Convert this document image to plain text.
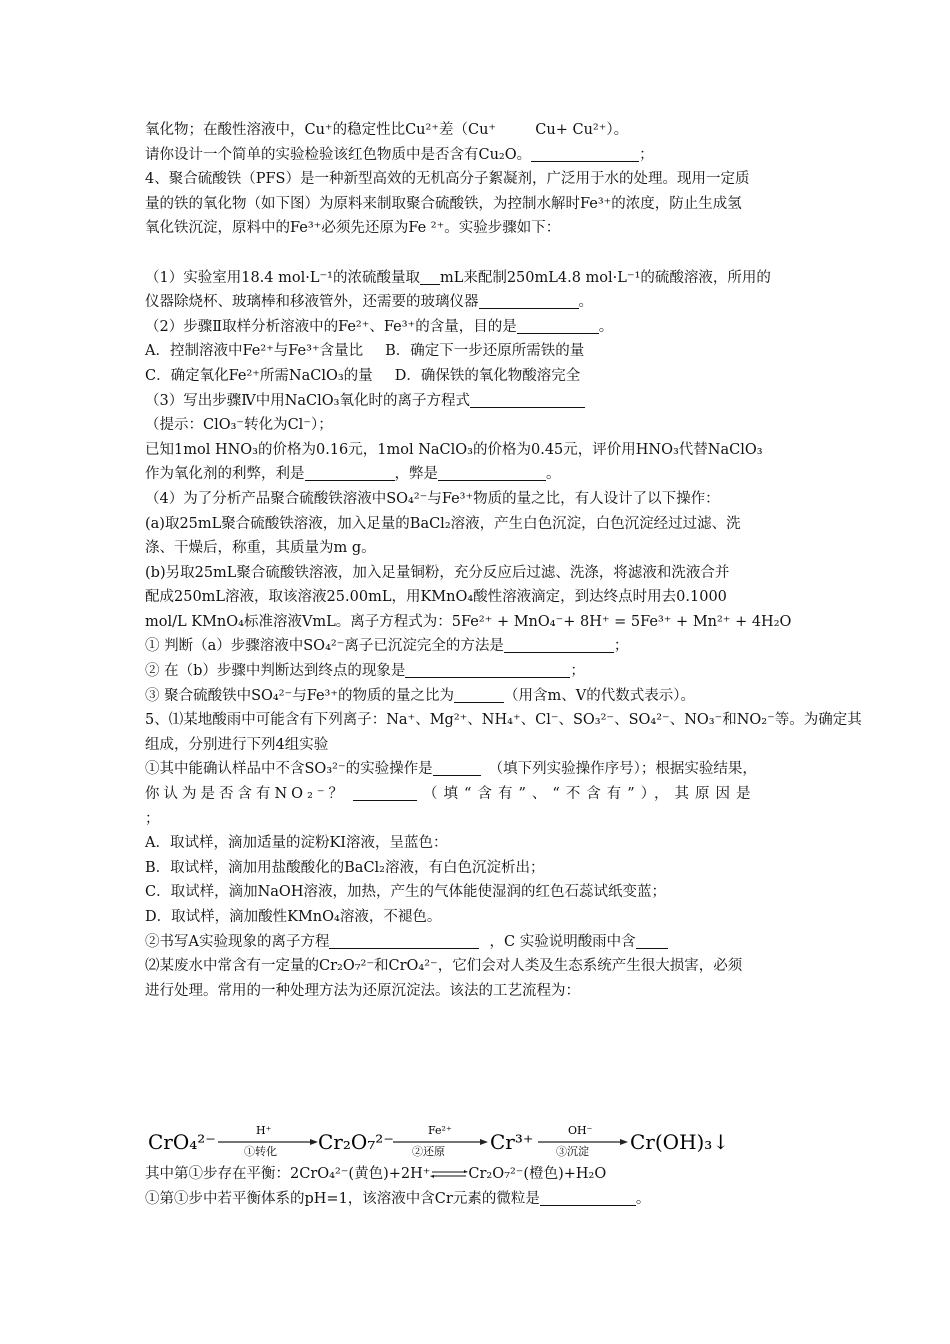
氧化物；在酸性溶液中，Cu⁺的稳定性比Cu²⁺差（Cu⁺  Cu+ Cu²⁺）。
请你设计一个简单的实验检验该红色物质中是否含有Cu₂O。	；
4、聚合硫酸铁（PFS）是一种新型高效的无机高分子絮凝剂，广泛用于水的处理。现用一定质
量的铁的氧化物（如下图）为原料来制取聚合硫酸铁，为控制水解时Fe³⁺的浓度，防止生成氢
氧化铁沉淀，原料中的Fe³⁺必须先还原为Fe ²⁺。实验步骤如下：
（1）实验室用18.4 mol·L⁻¹的浓硫酸量取 mL来配制250mL4.8 mol·L⁻¹的硫酸溶液，所用的
仪器除烧杯、玻璃棒和移液管外，还需要的玻璃仪器	。
（2）步骤Ⅱ取样分析溶液中的Fe²⁺、Fe³⁺的含量，目的是	。
A．控制溶液中Fe²⁺与Fe³⁺含量比 B．确定下一步还原所需铁的量
C．确定氧化Fe²⁺所需NaClO₃的量 D．确保铁的氧化物酸溶完全
（3）写出步骤Ⅳ中用NaClO₃氧化时的离子方程式
（提示：ClO₃⁻转化为Cl⁻）；
已知1mol HNO₃的价格为0.16元，1mol NaClO₃的价格为0.45元，评价用HNO₃代替NaClO₃
作为氧化剂的利弊，利是	，弊是	。
（4）为了分析产品聚合硫酸铁溶液中SO₄²⁻与Fe³⁺物质的量之比，有人设计了以下操作：
(a)取25mL聚合硫酸铁溶液，加入足量的BaCl₂溶液，产生白色沉淀，白色沉淀经过过滤、洗
涤、干燥后，称重，其质量为m g。
(b)另取25mL聚合硫酸铁溶液，加入足量铜粉，充分反应后过滤、洗涤，将滤液和洗液合并
配成250mL溶液，取该溶液25.00mL，用KMnO₄酸性溶液滴定，到达终点时用去0.1000
mol/L KMnO₄标准溶液VmL。离子方程式为：5Fe²⁺ + MnO₄⁻+ 8H⁺ = 5Fe³⁺ + Mn²⁺ + 4H₂O
① 判断（a）步骤溶液中SO₄²⁻离子已沉淀完全的方法是	；
② 在（b）步骤中判断达到终点的现象是	；
③ 聚合硫酸铁中SO₄²⁻与Fe³⁺的物质的量之比为	（用含m、V的代数式表示）。
5、⑴某地酸雨中可能含有下列离子：Na⁺、Mg²⁺、NH₄⁺、Cl⁻、SO₃²⁻、SO₄²⁻、NO₃⁻和NO₂⁻等。为确定其
组成，分别进行下列4组实验
①其中能确认样品中不含SO₃²⁻的实验操作是	（填下列实验操作序号）；根据实验结果，
你认为是否含有NO₂⁻？	（填“含有”、“不含有”），其原因是
；
A．取试样，滴加适量的淀粉KI溶液，呈蓝色：
B．取试样，滴加用盐酸酸化的BaCl₂溶液，有白色沉淀析出；
C．取试样，滴加NaOH溶液，加热，产生的气体能使湿润的红色石蕊试纸变蓝；
D．取试样，滴加酸性KMnO₄溶液，不褪色。
②书写A实验现象的离子方程	，C 实验说明酸雨中含
⑵某废水中常含有一定量的Cr₂O₇²⁻和CrO₄²⁻，它们会对人类及生态系统产生很大损害，必须
进行处理。常用的一种处理方法为还原沉淀法。该法的工艺流程为：
CrO₄²⁻	H⁺
①转化 Cr₂O₇²⁻	Fe²⁺
②还原 Cr³⁺	OH⁻
③沉淀 Cr(OH)₃↓
其中第①步存在平衡：2CrO₄²⁻(黄色)+2H⁺⇌Cr₂O₇²⁻(橙色)+H₂O
①第①步中若平衡体系的pH=1，该溶液中含Cr元素的微粒是	。
